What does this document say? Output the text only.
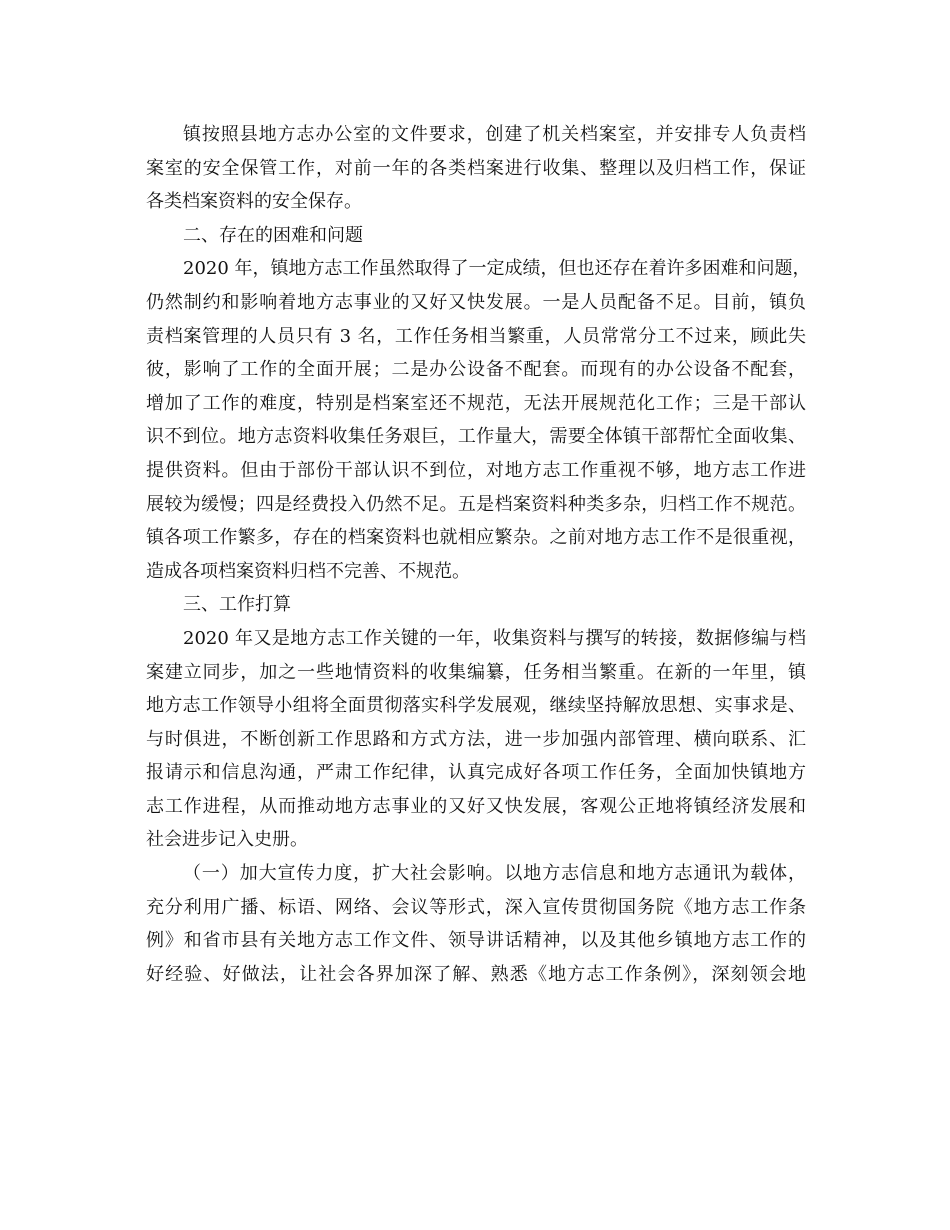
镇按照县地方志办公室的文件要求，创建了机关档案室，并安排专人负责档
案室的安全保管工作，对前一年的各类档案进行收集、整理以及归档工作，保证
各类档案资料的安全保存。
二、存在的困难和问题
2020 年，镇地方志工作虽然取得了一定成绩，但也还存在着许多困难和问题，
仍然制约和影响着地方志事业的又好又快发展。一是人员配备不足。目前，镇负
责档案管理的人员只有 3 名，工作任务相当繁重，人员常常分工不过来，顾此失
彼，影响了工作的全面开展；二是办公设备不配套。而现有的办公设备不配套，
增加了工作的难度，特别是档案室还不规范，无法开展规范化工作；三是干部认
识不到位。地方志资料收集任务艰巨，工作量大，需要全体镇干部帮忙全面收集、
提供资料。但由于部份干部认识不到位，对地方志工作重视不够，地方志工作进
展较为缓慢；四是经费投入仍然不足。五是档案资料种类多杂，归档工作不规范。
镇各项工作繁多，存在的档案资料也就相应繁杂。之前对地方志工作不是很重视，
造成各项档案资料归档不完善、不规范。
三、工作打算
2020 年又是地方志工作关键的一年，收集资料与撰写的转接，数据修编与档
案建立同步，加之一些地情资料的收集编纂，任务相当繁重。在新的一年里，镇
地方志工作领导小组将全面贯彻落实科学发展观，继续坚持解放思想、实事求是、
与时俱进，不断创新工作思路和方式方法，进一步加强内部管理、横向联系、汇
报请示和信息沟通，严肃工作纪律，认真完成好各项工作任务，全面加快镇地方
志工作进程，从而推动地方志事业的又好又快发展，客观公正地将镇经济发展和
社会进步记入史册。
（一）加大宣传力度，扩大社会影响。以地方志信息和地方志通讯为载体，
充分利用广播、标语、网络、会议等形式，深入宣传贯彻国务院《地方志工作条
例》和省市县有关地方志工作文件、领导讲话精神，以及其他乡镇地方志工作的
好经验、好做法，让社会各界加深了解、熟悉《地方志工作条例》，深刻领会地
